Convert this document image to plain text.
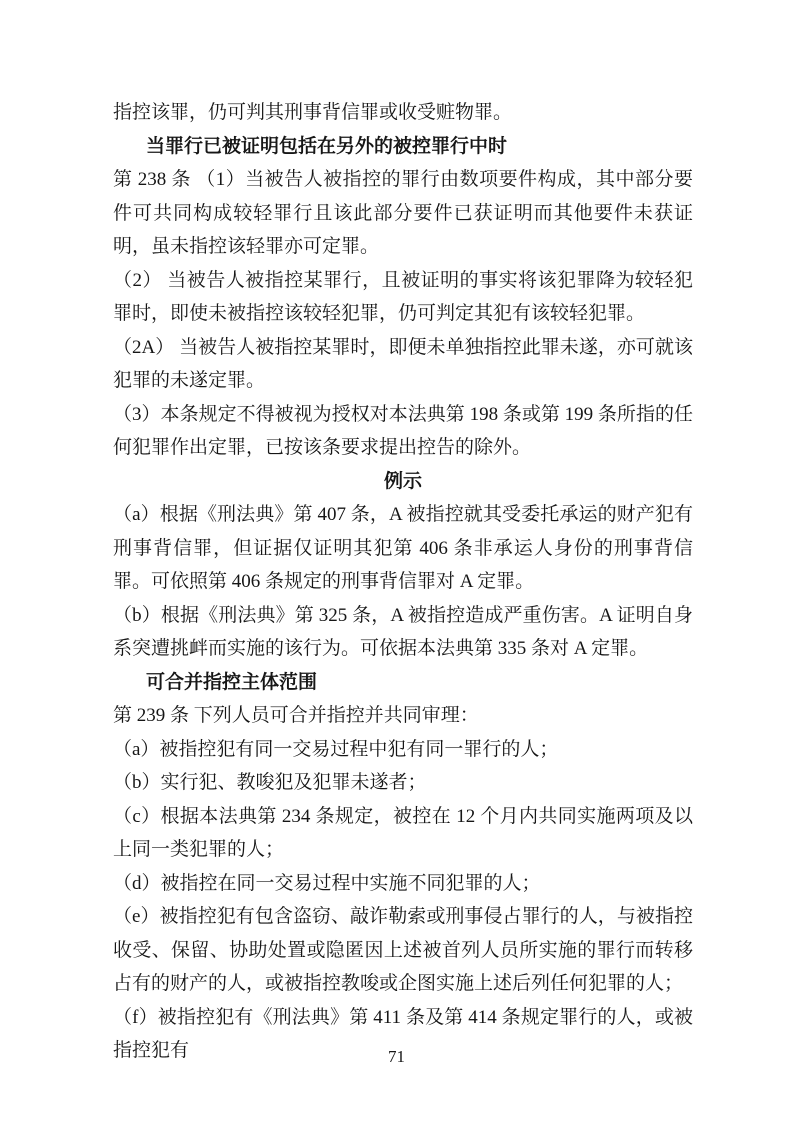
指控该罪，仍可判其刑事背信罪或收受赃物罪。

当罪行已被证明包括在另外的被控罪行中时

第 238 条 （1）当被告人被指控的罪行由数项要件构成，其中部分要件可共同构成较轻罪行且该此部分要件已获证明而其他要件未获证明，虽未指控该轻罪亦可定罪。

（2） 当被告人被指控某罪行，且被证明的事实将该犯罪降为较轻犯罪时，即使未被指控该较轻犯罪，仍可判定其犯有该较轻犯罪。

（2A） 当被告人被指控某罪时，即便未单独指控此罪未遂，亦可就该犯罪的未遂定罪。

（3）本条规定不得被视为授权对本法典第 198 条或第 199 条所指的任何犯罪作出定罪，已按该条要求提出控告的除外。

例示

（a）根据《刑法典》第 407 条，A 被指控就其受委托承运的财产犯有刑事背信罪，但证据仅证明其犯第 406 条非承运人身份的刑事背信罪。可依照第 406 条规定的刑事背信罪对 A 定罪。

（b）根据《刑法典》第 325 条，A 被指控造成严重伤害。A 证明自身系突遭挑衅而实施的该行为。可依据本法典第 335 条对 A 定罪。

可合并指控主体范围

第 239 条 下列人员可合并指控并共同审理：

（a）被指控犯有同一交易过程中犯有同一罪行的人；

（b）实行犯、教唆犯及犯罪未遂者；

（c）根据本法典第 234 条规定，被控在 12 个月内共同实施两项及以上同一类犯罪的人；

（d）被指控在同一交易过程中实施不同犯罪的人；

（e）被指控犯有包含盗窃、敲诈勒索或刑事侵占罪行的人，与被指控收受、保留、协助处置或隐匿因上述被首列人员所实施的罪行而转移占有的财产的人，或被指控教唆或企图实施上述后列任何犯罪的人；

（f）被指控犯有《刑法典》第 411 条及第 414 条规定罪行的人，或被指控犯有	71
